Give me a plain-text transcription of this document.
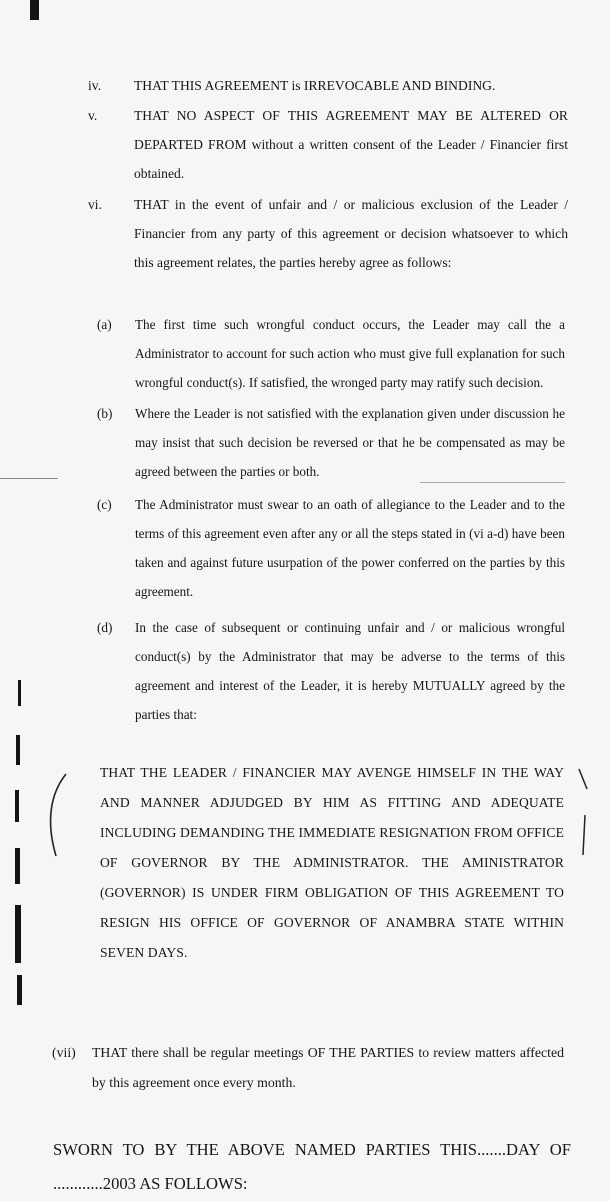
iv. THAT THIS AGREEMENT is IRREVOCABLE AND BINDING.
v.	THAT NO ASPECT OF THIS AGREEMENT MAY BE ALTERED OR DEPARTED FROM without a written consent of the Leader / Financier first obtained.
vi. THAT in the event of unfair and / or malicious exclusion of the Leader / Financier from any party of this agreement or decision whatsoever to which this agreement relates, the parties hereby agree as follows:
(a) The first time such wrongful conduct occurs, the Leader may call the a Administrator to account for such action who must give full explanation for such wrongful conduct(s). If satisfied, the wronged party may ratify such decision.
(b) Where the Leader is not satisfied with the explanation given under discussion he may insist that such decision be reversed or that he be compensated as may be agreed between the parties or both.
(c) The Administrator must swear to an oath of allegiance to the Leader and to the terms of this agreement even after any or all the steps stated in (vi a-d) have been taken and against future usurpation of the power conferred on the parties by this agreement.
(d) In the case of subsequent or continuing unfair and / or malicious wrongful conduct(s) by the Administrator that may be adverse to the terms of this agreement and interest of the Leader, it is hereby MUTUALLY agreed by the parties that:
THAT THE LEADER / FINANCIER MAY AVENGE HIMSELF IN THE WAY AND MANNER ADJUDGED BY HIM AS FITTING AND ADEQUATE INCLUDING DEMANDING THE IMMEDIATE RESIGNATION FROM OFFICE OF GOVERNOR BY THE ADMINISTRATOR. THE AMINISTRATOR (GOVERNOR) IS UNDER FIRM OBLIGATION OF THIS AGREEMENT TO RESIGN HIS OFFICE OF GOVERNOR OF ANAMBRA STATE WITHIN SEVEN DAYS.
(vii) THAT there shall be regular meetings OF THE PARTIES to review matters affected by this agreement once every month.
SWORN TO BY THE ABOVE NAMED PARTIES THIS.......DAY OF ............2003 AS FOLLOWS:
